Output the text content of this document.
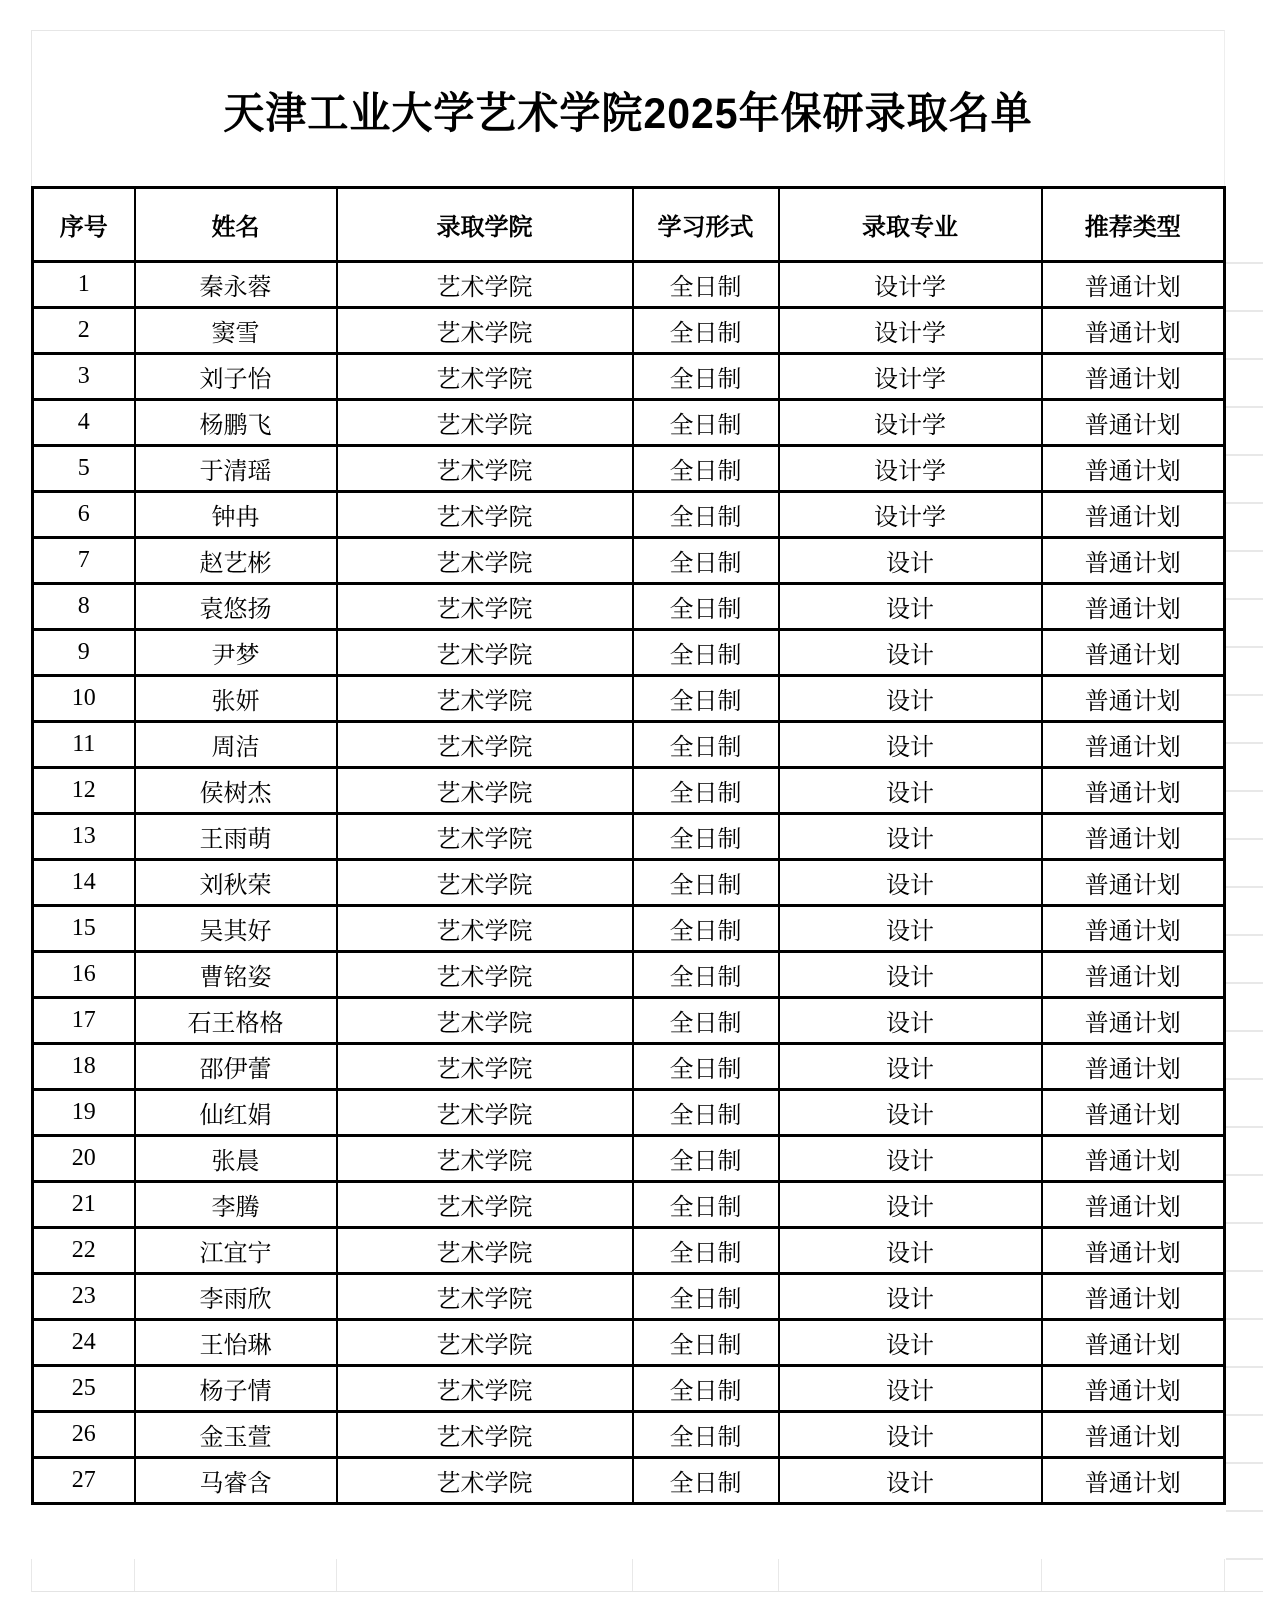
天津工业大学艺术学院2025年保研录取名单
序号	姓名	录取学院	学习形式	录取专业	推荐类型
1	秦永蓉	艺术学院	全日制	设计学	普通计划
2	窦雪	艺术学院	全日制	设计学	普通计划
3	刘子怡	艺术学院	全日制	设计学	普通计划
4	杨鹏飞	艺术学院	全日制	设计学	普通计划
5	于清瑶	艺术学院	全日制	设计学	普通计划
6	钟冉	艺术学院	全日制	设计学	普通计划
7	赵艺彬	艺术学院	全日制	设计	普通计划
8	袁悠扬	艺术学院	全日制	设计	普通计划
9	尹梦	艺术学院	全日制	设计	普通计划
10	张妍	艺术学院	全日制	设计	普通计划
11	周洁	艺术学院	全日制	设计	普通计划
12	侯树杰	艺术学院	全日制	设计	普通计划
13	王雨萌	艺术学院	全日制	设计	普通计划
14	刘秋荣	艺术学院	全日制	设计	普通计划
15	吴其好	艺术学院	全日制	设计	普通计划
16	曹铭姿	艺术学院	全日制	设计	普通计划
17	石王格格	艺术学院	全日制	设计	普通计划
18	邵伊蕾	艺术学院	全日制	设计	普通计划
19	仙红娟	艺术学院	全日制	设计	普通计划
20	张晨	艺术学院	全日制	设计	普通计划
21	李腾	艺术学院	全日制	设计	普通计划
22	江宜宁	艺术学院	全日制	设计	普通计划
23	李雨欣	艺术学院	全日制	设计	普通计划
24	王怡琳	艺术学院	全日制	设计	普通计划
25	杨子情	艺术学院	全日制	设计	普通计划
26	金玉萱	艺术学院	全日制	设计	普通计划
27	马睿含	艺术学院	全日制	设计	普通计划
